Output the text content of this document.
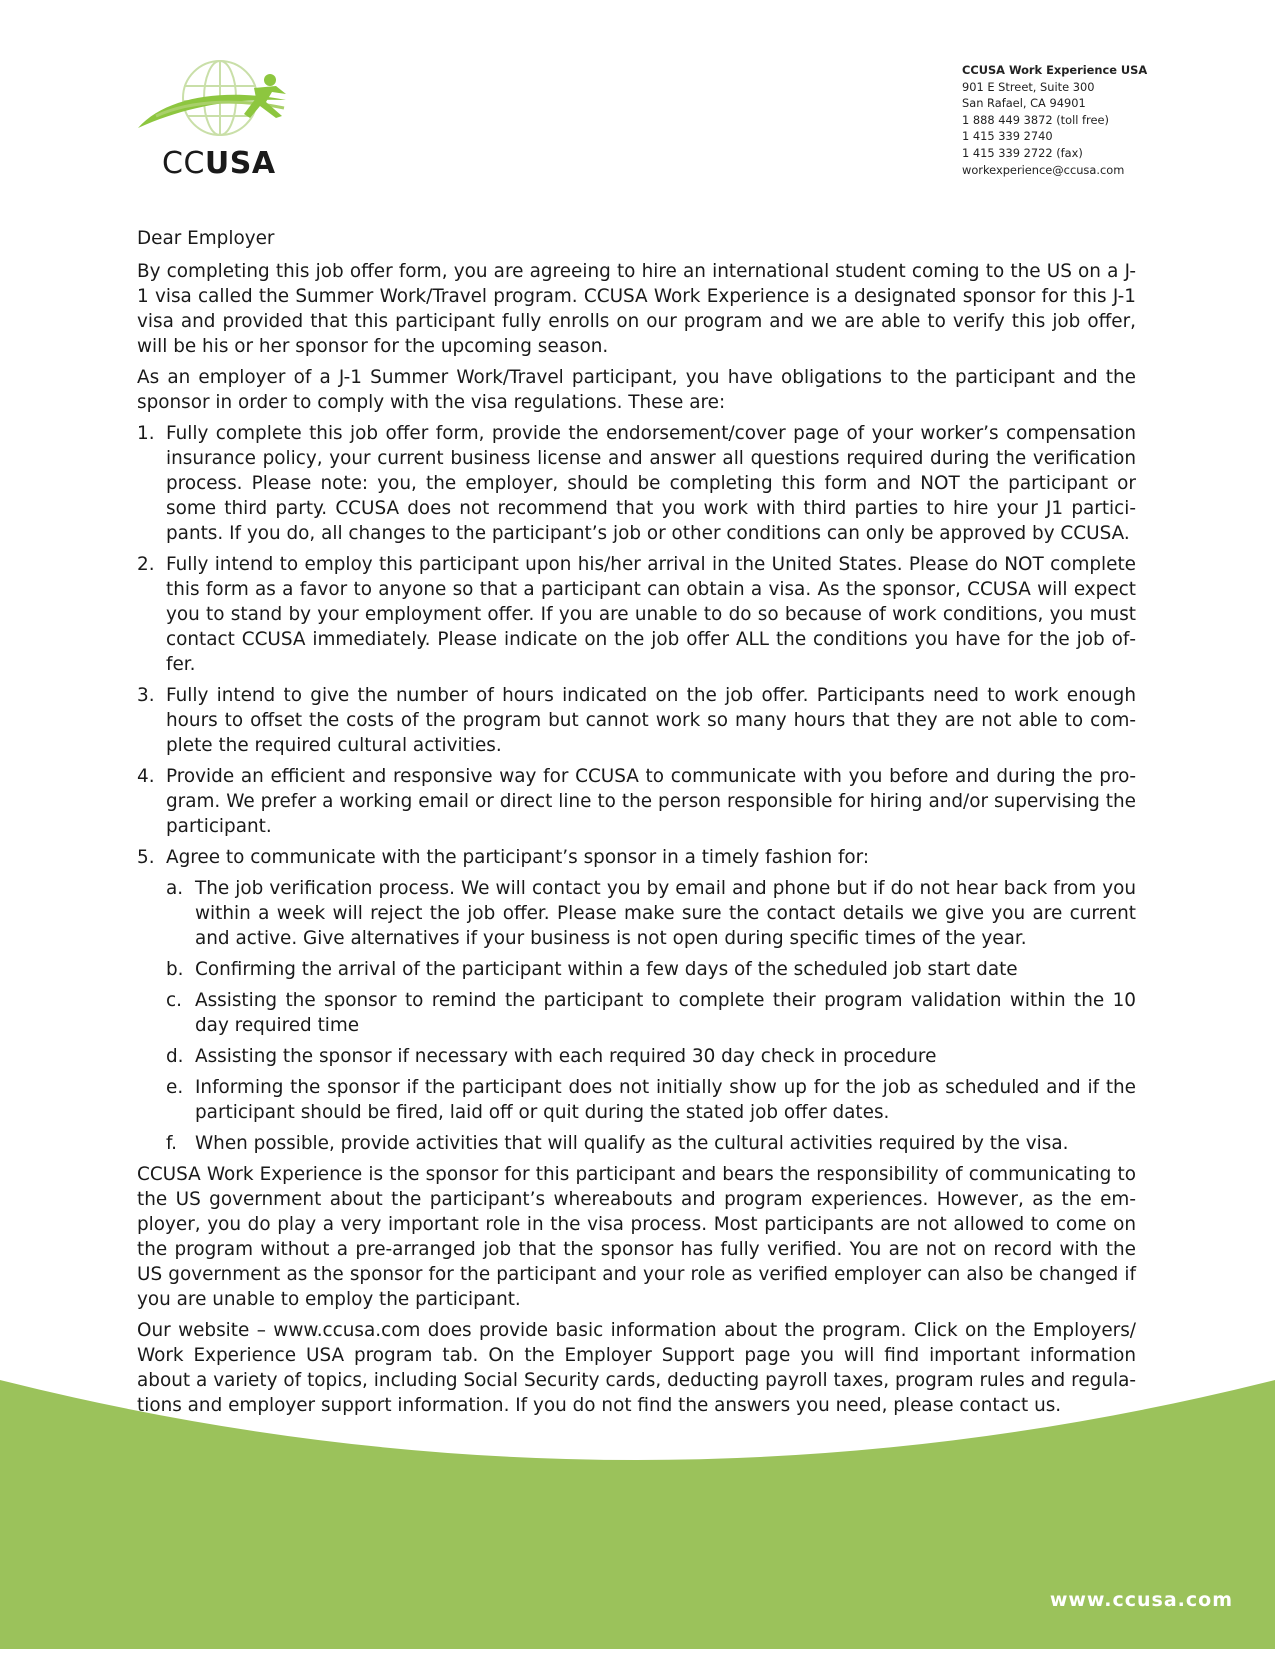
CCUSA
CCUSA Work Experience USA
901 E Street, Suite 300
San Rafael, CA 94901
1 888 449 3872 (toll free)
1 415 339 2740
1 415 339 2722 (fax)
workexperience@ccusa.com

Dear Employer

By completing this job offer form, you are agreeing to hire an international student coming to the US on a J-1 visa called the Summer Work/Travel program. CCUSA Work Experience is a designated sponsor for this J-1 visa and provided that this participant fully enrolls on our program and we are able to verify this job offer, will be his or her sponsor for the upcoming season.

As an employer of a J-1 Summer Work/Travel participant, you have obligations to the participant and the sponsor in order to comply with the visa regulations. These are:

1. Fully complete this job offer form, provide the endorsement/cover page of your worker’s compensation insurance policy, your current business license and answer all questions required during the verification process. Please note: you, the employer, should be completing this form and NOT the participant or some third party. CCUSA does not recommend that you work with third parties to hire your J1 participants. If you do, all changes to the participant’s job or other conditions can only be approved by CCUSA.
2. Fully intend to employ this participant upon his/her arrival in the United States. Please do NOT complete this form as a favor to anyone so that a participant can obtain a visa. As the sponsor, CCUSA will expect you to stand by your employment offer. If you are unable to do so because of work conditions, you must contact CCUSA immediately. Please indicate on the job offer ALL the conditions you have for the job offer.
3. Fully intend to give the number of hours indicated on the job offer. Participants need to work enough hours to offset the costs of the program but cannot work so many hours that they are not able to complete the required cultural activities.
4. Provide an efficient and responsive way for CCUSA to communicate with you before and during the program. We prefer a working email or direct line to the person responsible for hiring and/or supervising the participant.
5. Agree to communicate with the participant’s sponsor in a timely fashion for:
a. The job verification process. We will contact you by email and phone but if do not hear back from you within a week will reject the job offer. Please make sure the contact details we give you are current and active. Give alternatives if your business is not open during specific times of the year.
b. Confirming the arrival of the participant within a few days of the scheduled job start date
c. Assisting the sponsor to remind the participant to complete their program validation within the 10 day required time
d. Assisting the sponsor if necessary with each required 30 day check in procedure
e. Informing the sponsor if the participant does not initially show up for the job as scheduled and if the participant should be fired, laid off or quit during the stated job offer dates.
f. When possible, provide activities that will qualify as the cultural activities required by the visa.

CCUSA Work Experience is the sponsor for this participant and bears the responsibility of communicating to the US government about the participant’s whereabouts and program experiences. However, as the employer, you do play a very important role in the visa process. Most participants are not allowed to come on the program without a pre-arranged job that the sponsor has fully verified. You are not on record with the US government as the sponsor for the participant and your role as verified employer can also be changed if you are unable to employ the participant.

Our website – www.ccusa.com does provide basic information about the program. Click on the Employers/ Work Experience USA program tab. On the Employer Support page you will find important information about a variety of topics, including Social Security cards, deducting payroll taxes, program rules and regulations and employer support information. If you do not find the answers you need, please contact us.

www.ccusa.com
